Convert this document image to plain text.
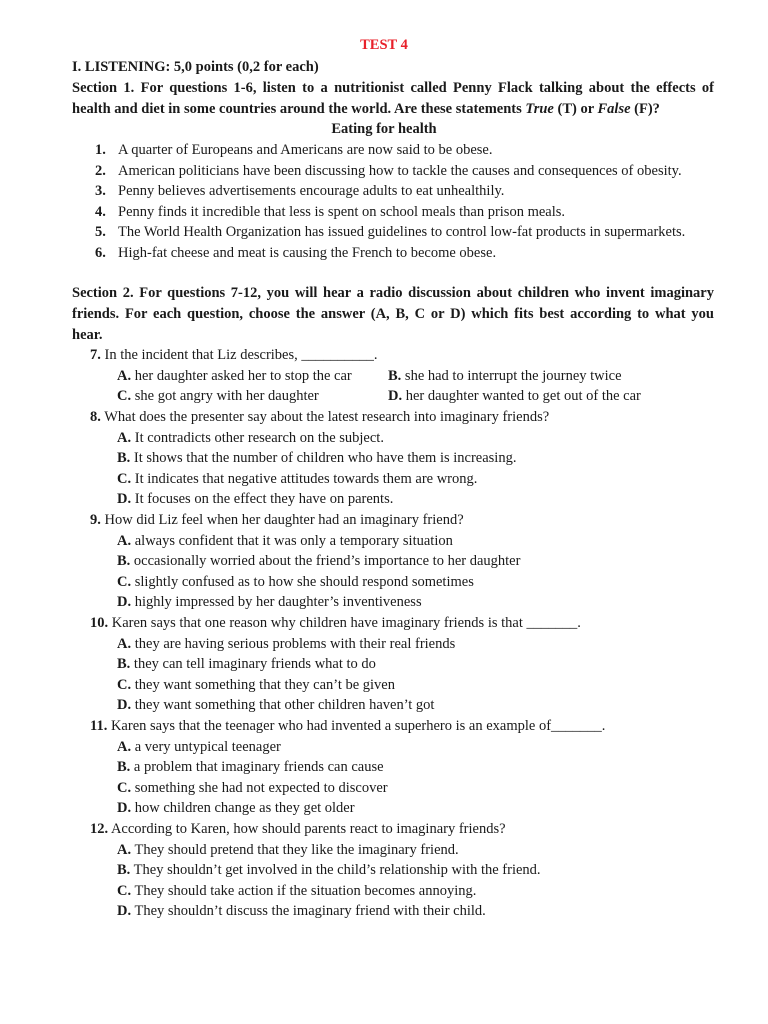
TEST 4
I. LISTENING: 5,0 points (0,2 for each)
Section 1. For questions 1-6, listen to a nutritionist called Penny Flack talking about the effects of
health and diet in some countries around the world. Are these statements True (T) or False (F)?
Eating for health
1. A quarter of Europeans and Americans are now said to be obese.
2. American politicians have been discussing how to tackle the causes and consequences of obesity.
3. Penny believes advertisements encourage adults to eat unhealthily.
4. Penny finds it incredible that less is spent on school meals than prison meals.
5. The World Health Organization has issued guidelines to control low-fat products in supermarkets.
6. High-fat cheese and meat is causing the French to become obese.
Section 2. For questions 7-12, you will hear a radio discussion about children who invent imaginary
friends. For each question, choose the answer (A, B, C or D) which fits best according to what you
hear.
7. In the incident that Liz describes, __________.
A. her daughter asked her to stop the car	B. she had to interrupt the journey twice
C. she got angry with her daughter	D. her daughter wanted to get out of the car
8. What does the presenter say about the latest research into imaginary friends?
A. It contradicts other research on the subject.
B. It shows that the number of children who have them is increasing.
C. It indicates that negative attitudes towards them are wrong.
D. It focuses on the effect they have on parents.
9. How did Liz feel when her daughter had an imaginary friend?
A. always confident that it was only a temporary situation
B. occasionally worried about the friend’s importance to her daughter
C. slightly confused as to how she should respond sometimes
D. highly impressed by her daughter’s inventiveness
10. Karen says that one reason why children have imaginary friends is that _______.
A. they are having serious problems with their real friends
B. they can tell imaginary friends what to do
C. they want something that they can’t be given
D. they want something that other children haven’t got
11. Karen says that the teenager who had invented a superhero is an example of_______.
A. a very untypical teenager
B. a problem that imaginary friends can cause
C. something she had not expected to discover
D. how children change as they get older
12. According to Karen, how should parents react to imaginary friends?
A. They should pretend that they like the imaginary friend.
B. They shouldn’t get involved in the child’s relationship with the friend.
C. They should take action if the situation becomes annoying.
D. They shouldn’t discuss the imaginary friend with their child.
